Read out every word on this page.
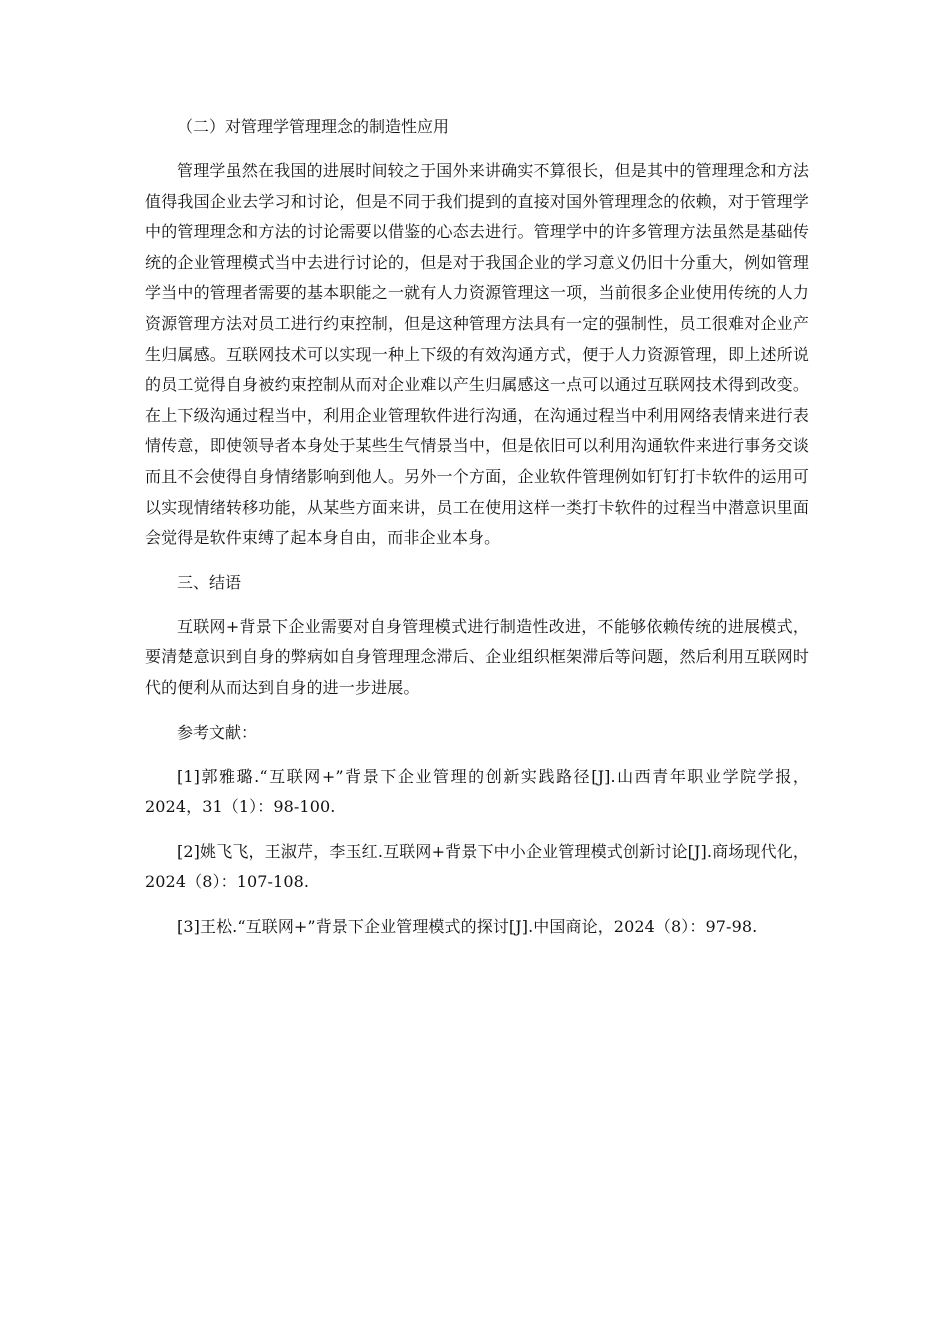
（二）对管理学管理理念的制造性应用

管理学虽然在我国的进展时间较之于国外来讲确实不算很长，但是其中的管理理念和方法值得我国企业去学习和讨论，但是不同于我们提到的直接对国外管理理念的依赖，对于管理学中的管理理念和方法的讨论需要以借鉴的心态去进行。管理学中的许多管理方法虽然是基础传统的企业管理模式当中去进行讨论的，但是对于我国企业的学习意义仍旧十分重大，例如管理学当中的管理者需要的基本职能之一就有人力资源管理这一项，当前很多企业使用传统的人力资源管理方法对员工进行约束控制，但是这种管理方法具有一定的强制性，员工很难对企业产生归属感。互联网技术可以实现一种上下级的有效沟通方式，便于人力资源管理，即上述所说的员工觉得自身被约束控制从而对企业难以产生归属感这一点可以通过互联网技术得到改变。在上下级沟通过程当中，利用企业管理软件进行沟通，在沟通过程当中利用网络表情来进行表情传意，即使领导者本身处于某些生气情景当中，但是依旧可以利用沟通软件来进行事务交谈而且不会使得自身情绪影响到他人。另外一个方面，企业软件管理例如钉钉打卡软件的运用可以实现情绪转移功能，从某些方面来讲，员工在使用这样一类打卡软件的过程当中潜意识里面会觉得是软件束缚了起本身自由，而非企业本身。

三、结语

互联网+背景下企业需要对自身管理模式进行制造性改进，不能够依赖传统的进展模式，要清楚意识到自身的弊病如自身管理理念滞后、企业组织框架滞后等问题，然后利用互联网时代的便利从而达到自身的进一步进展。

参考文献：

[1]郭雅璐.“互联网+”背景下企业管理的创新实践路径[J].山西青年职业学院学报，2024，31（1）：98-100.

[2]姚飞飞，王淑芹，李玉红.互联网+背景下中小企业管理模式创新讨论[J].商场现代化，2024（8）：107-108.

[3]王松.“互联网+”背景下企业管理模式的探讨[J].中国商论，2024（8）：97-98.
